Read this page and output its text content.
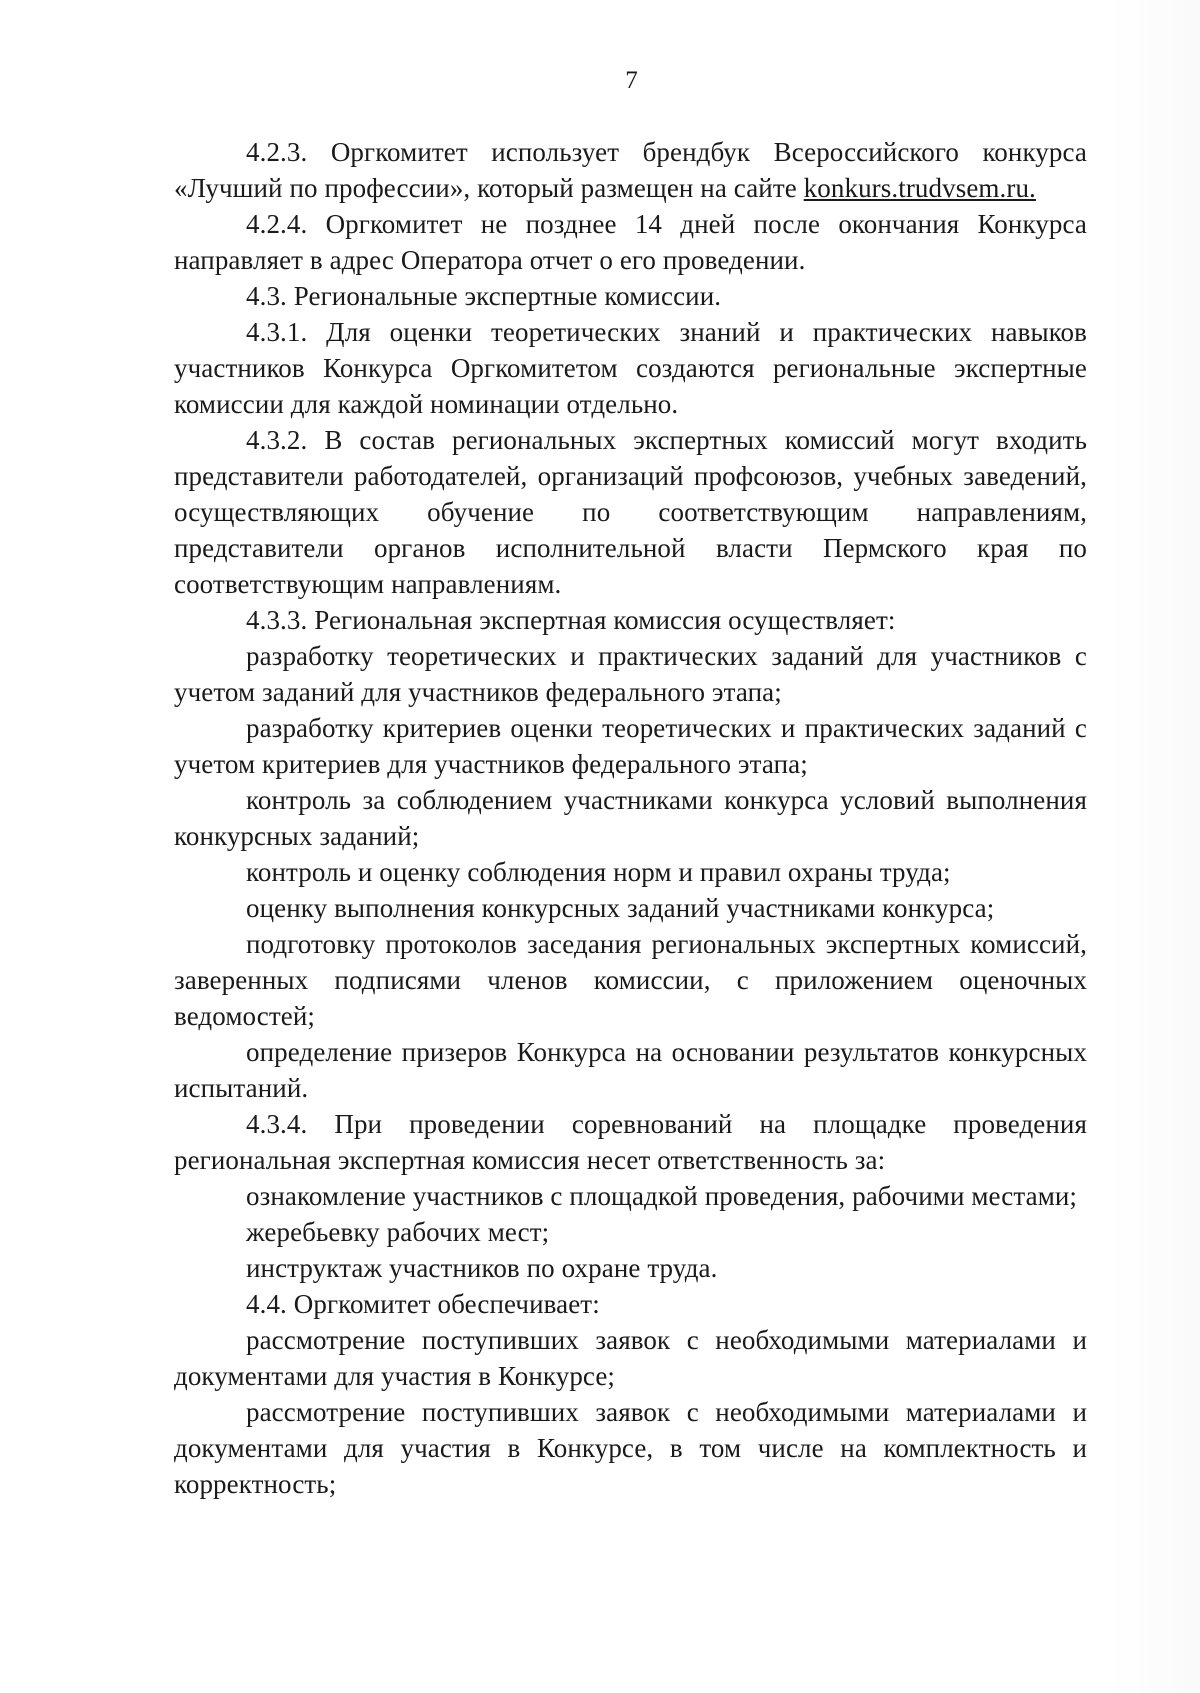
7

4.2.3. Оргкомитет использует брендбук Всероссийского конкурса «Лучший по профессии», который размещен на сайте konkurs.trudvsem.ru.

4.2.4. Оргкомитет не позднее 14 дней после окончания Конкурса направляет в адрес Оператора отчет о его проведении.

4.3. Региональные экспертные комиссии.

4.3.1. Для оценки теоретических знаний и практических навыков участников Конкурса Оргкомитетом создаются региональные экспертные комиссии для каждой номинации отдельно.

4.3.2. В состав региональных экспертных комиссий могут входить представители работодателей, организаций профсоюзов, учебных заведений, осуществляющих обучение по соответствующим направлениям, представители органов исполнительной власти Пермского края по соответствующим направлениям.

4.3.3. Региональная экспертная комиссия осуществляет:

разработку теоретических и практических заданий для участников с учетом заданий для участников федерального этапа;

разработку критериев оценки теоретических и практических заданий с учетом критериев для участников федерального этапа;

контроль за соблюдением участниками конкурса условий выполнения конкурсных заданий;

контроль и оценку соблюдения норм и правил охраны труда;

оценку выполнения конкурсных заданий участниками конкурса;

подготовку протоколов заседания региональных экспертных комиссий, заверенных подписями членов комиссии, с приложением оценочных ведомостей;

определение призеров Конкурса на основании результатов конкурсных испытаний.

4.3.4. При проведении соревнований на площадке проведения региональная экспертная комиссия несет ответственность за:

ознакомление участников с площадкой проведения, рабочими местами;

жеребьевку рабочих мест;

инструктаж участников по охране труда.

4.4. Оргкомитет обеспечивает:

рассмотрение поступивших заявок с необходимыми материалами и документами для участия в Конкурсе;

рассмотрение поступивших заявок с необходимыми материалами и документами для участия в Конкурсе, в том числе на комплектность и корректность;
